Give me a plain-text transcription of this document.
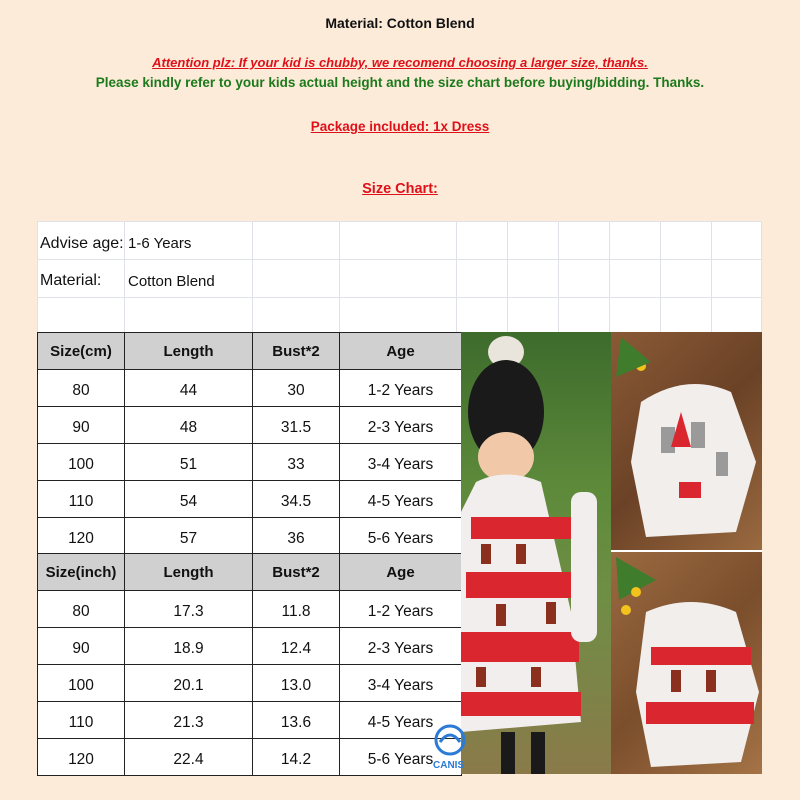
Material: Cotton Blend
Attention plz: If your kid is chubby, we recomend choosing a larger size, thanks.
Please kindly refer to your kids actual height and the size chart before buying/bidding. Thanks.
Package included: 1x Dress
Size Chart:
Advise age: 1-6 Years
Material: Cotton Blend
Size(cm)	Length	Bust*2	Age
80	44	30	1-2 Years
90	48	31.5	2-3 Years
100	51	33	3-4 Years
110	54	34.5	4-5 Years
120	57	36	5-6 Years
Size(inch)	Length	Bust*2	Age
80	17.3	11.8	1-2 Years
90	18.9	12.4	2-3 Years
100	20.1	13.0	3-4 Years
110	21.3	13.6	4-5 Years
120	22.4	14.2	5-6 Years CANIS
